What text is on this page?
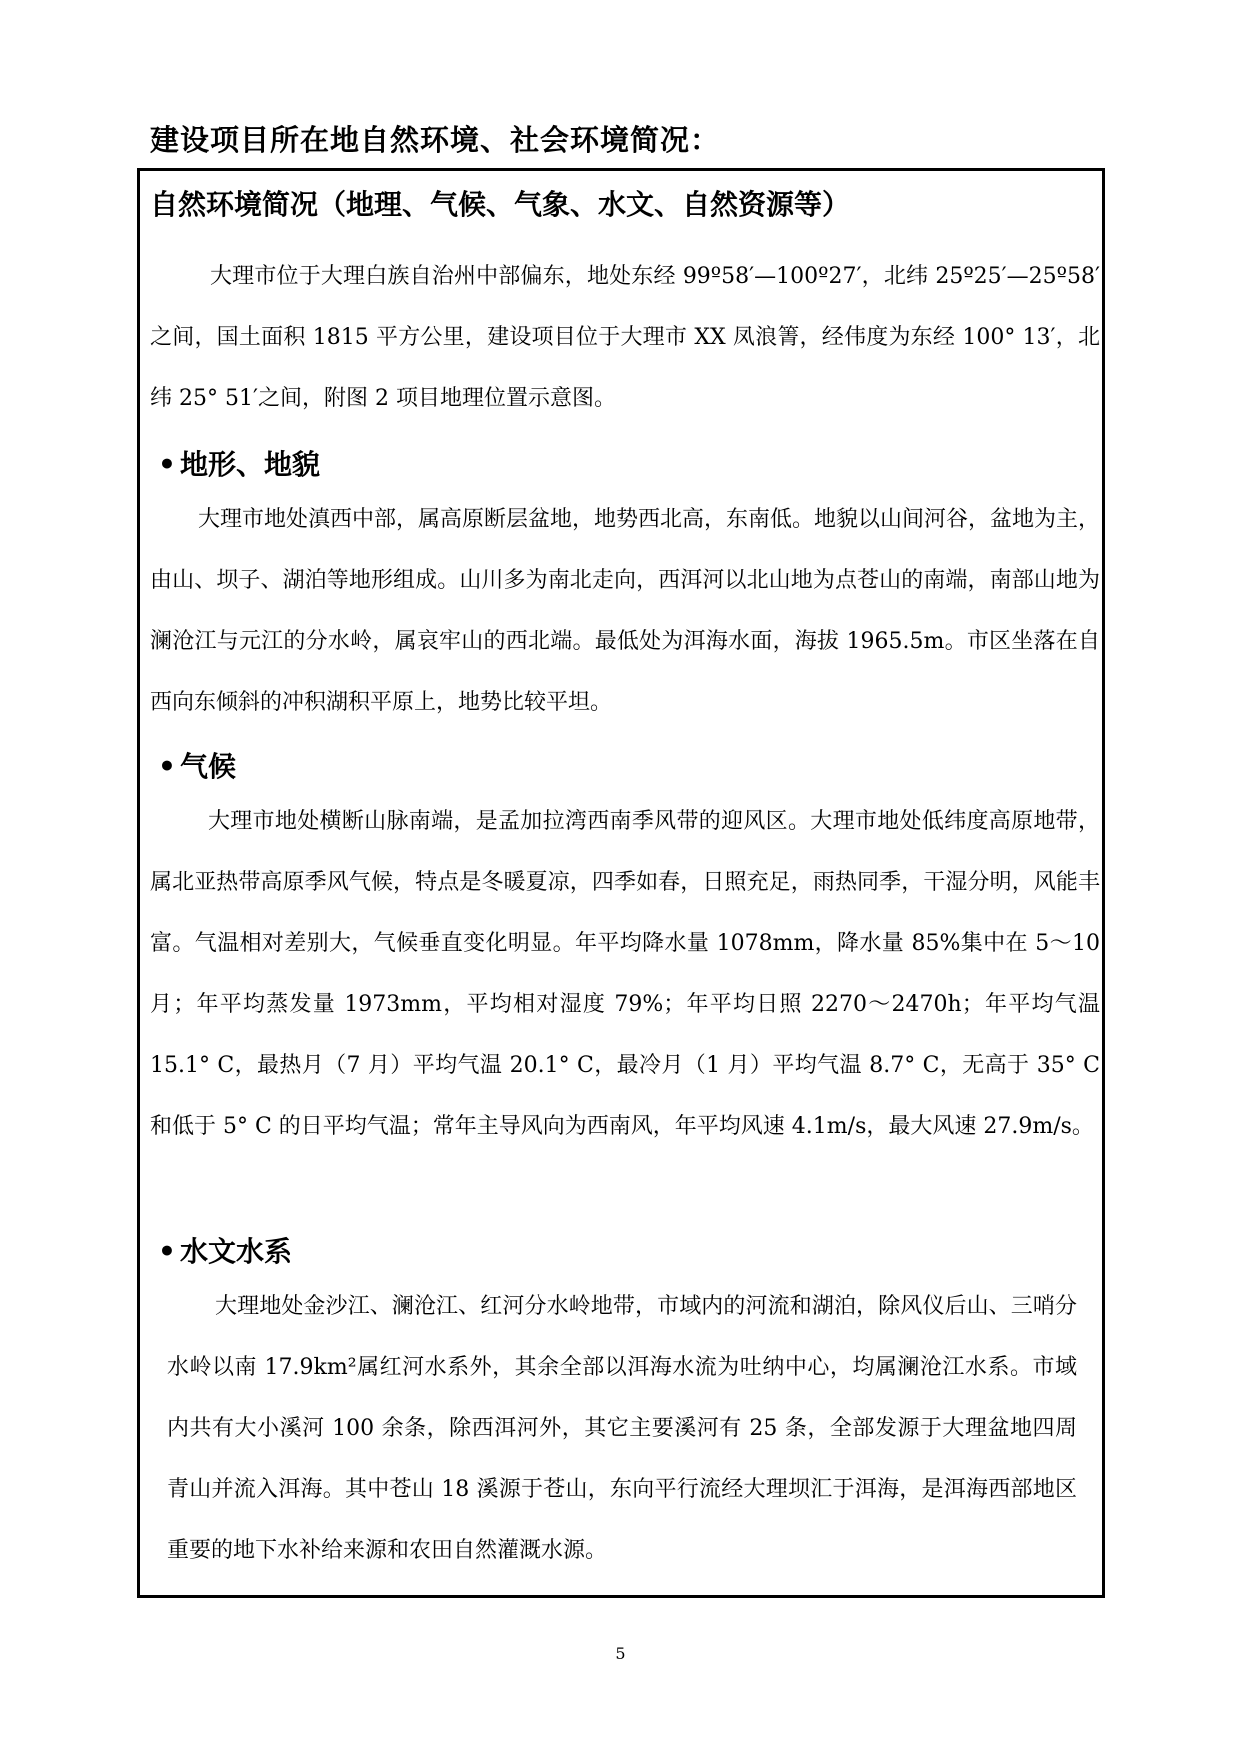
建设项目所在地自然环境、社会环境简况：
自然环境简况（地理、气候、气象、水文、自然资源等）

大理市位于大理白族自治州中部偏东，地处东经 99º58′—100º27′，北纬 25º25′—25º58′之间，国土面积 1815 平方公里，建设项目位于大理市 XX 凤浪箐，经伟度为东经 100° 13′，北纬 25° 51′之间，附图 2 项目地理位置示意图。

• 地形、地貌

大理市地处滇西中部，属高原断层盆地，地势西北高，东南低。地貌以山间河谷，盆地为主，由山、坝子、湖泊等地形组成。山川多为南北走向，西洱河以北山地为点苍山的南端，南部山地为澜沧江与元江的分水岭，属哀牢山的西北端。最低处为洱海水面，海拔 1965.5m。市区坐落在自西向东倾斜的冲积湖积平原上，地势比较平坦。

• 气候

大理市地处横断山脉南端，是孟加拉湾西南季风带的迎风区。大理市地处低纬度高原地带，属北亚热带高原季风气候，特点是冬暖夏凉，四季如春，日照充足，雨热同季，干湿分明，风能丰富。气温相对差别大，气候垂直变化明显。年平均降水量 1078mm，降水量 85%集中在 5～10 月；年平均蒸发量 1973mm，平均相对湿度 79%；年平均日照 2270～2470h；年平均气温 15.1° C，最热月（7 月）平均气温 20.1° C，最冷月（1 月）平均气温 8.7° C，无高于 35° C 和低于 5° C 的日平均气温；常年主导风向为西南风，年平均风速 4.1m/s，最大风速 27.9m/s。

• 水文水系

大理地处金沙江、澜沧江、红河分水岭地带，市域内的河流和湖泊，除风仪后山、三哨分水岭以南 17.9km²属红河水系外，其余全部以洱海水流为吐纳中心，均属澜沧江水系。市域内共有大小溪河 100 余条，除西洱河外，其它主要溪河有 25 条，全部发源于大理盆地四周青山并流入洱海。其中苍山 18 溪源于苍山，东向平行流经大理坝汇于洱海，是洱海西部地区重要的地下水补给来源和农田自然灌溉水源。

5
